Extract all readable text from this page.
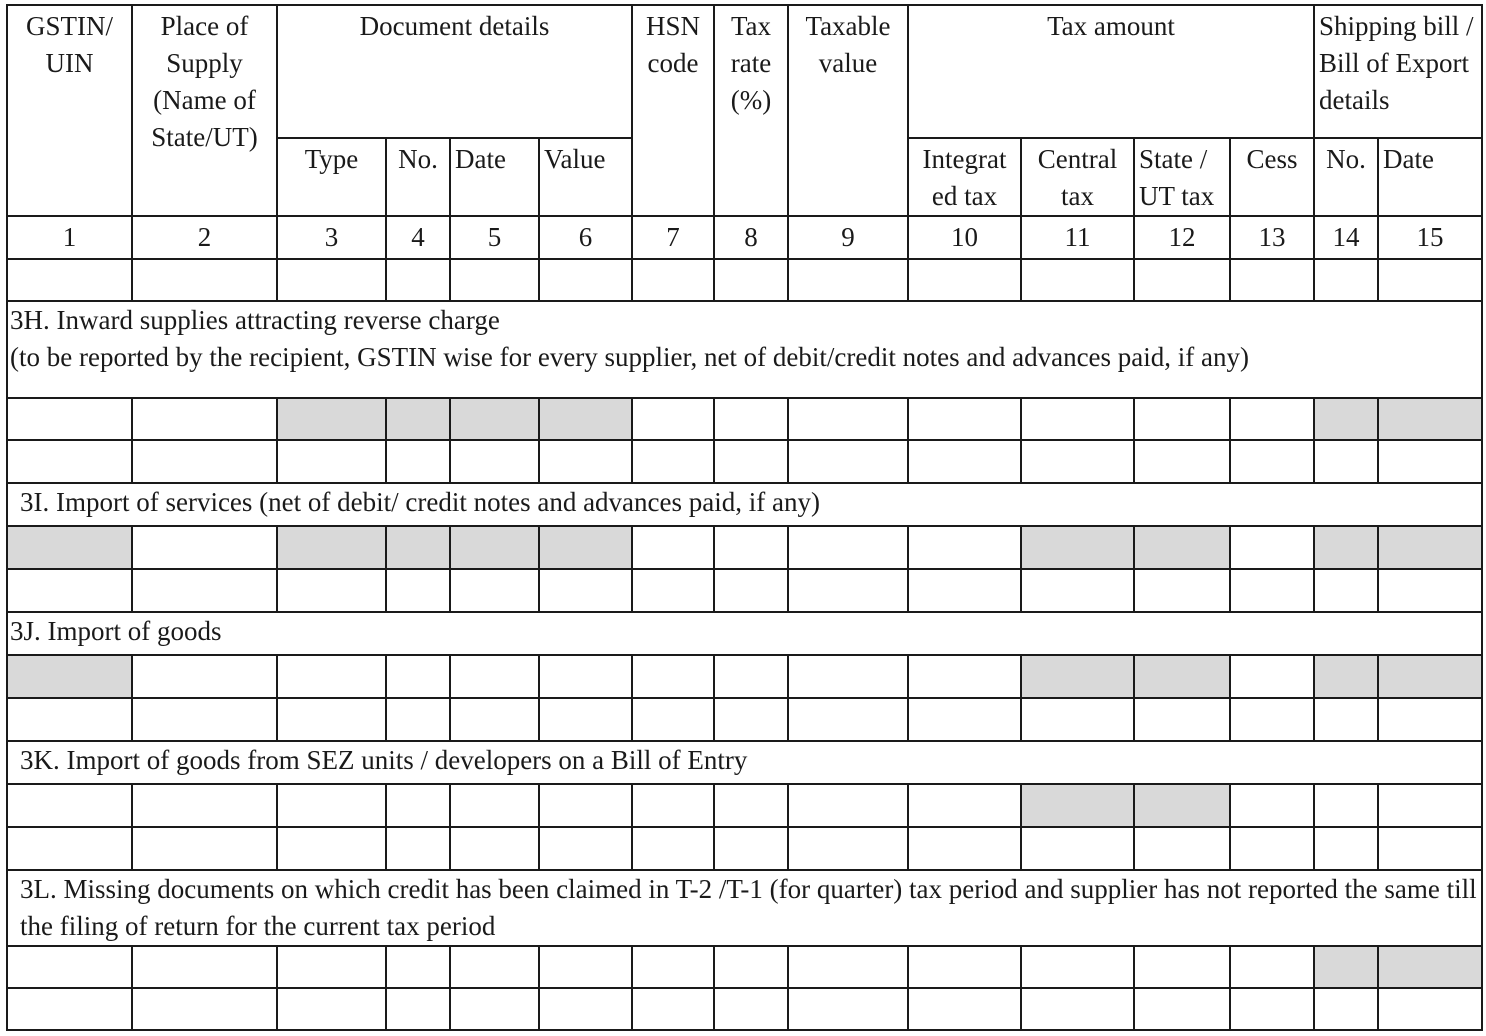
GSTIN/ UIN	Place of Supply (Name of State/UT)	Document details				HSN code	Tax rate (%)	Taxable value	Tax amount				Shipping bill / Bill of Export details	
		Type	No.	Date	Value				Integrat ed tax	Central tax	State / UT tax	Cess	No.	Date
1	2	3	4	5	6	7	8	9	10	11	12	13	14	15

3H. Inward supplies attracting reverse charge
(to be reported by the recipient, GSTIN wise for every supplier, net of debit/credit notes and advances paid, if any)														

3I. Import of services (net of debit/ credit notes and advances paid, if any)														

3J. Import of goods														

3K. Import of goods from SEZ units / developers on a Bill of Entry														

3L. Missing documents on which credit has been claimed in T-2 /T-1 (for quarter) tax period and supplier has not reported the same till the filing of return for the current tax period														
